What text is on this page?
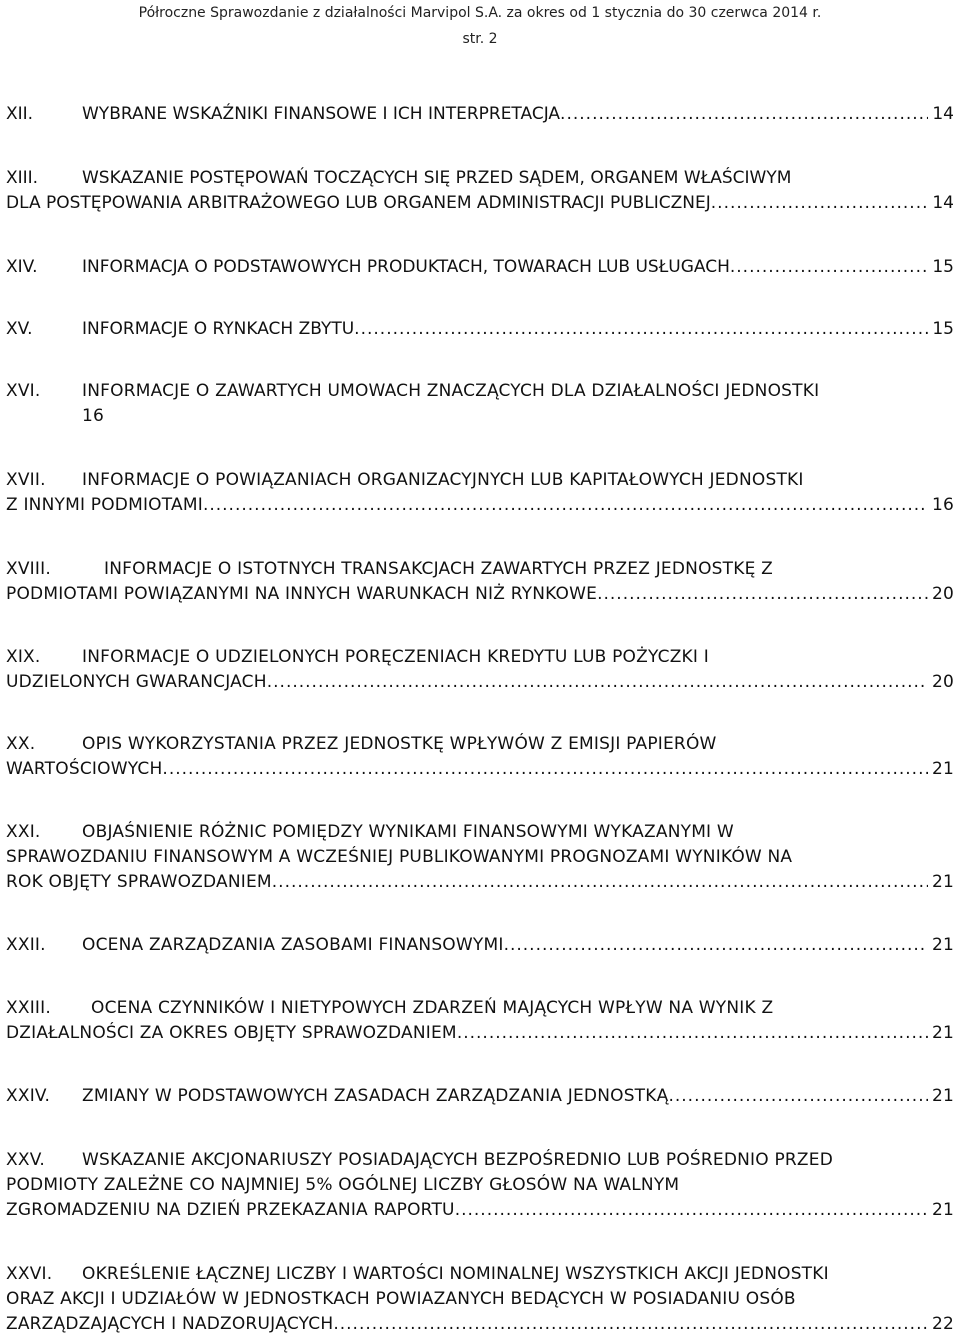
Półroczne Sprawozdanie z działalności Marvipol S.A. za okres od 1 stycznia do 30 czerwca 2014 r.
str. 2
XII.	WYBRANE WSKAŹNIKI FINANSOWE I ICH INTERPRETACJA .....	14
XIII.	WSKAZANIE POSTĘPOWAŃ TOCZĄCYCH SIĘ PRZED SĄDEM, ORGANEM WŁAŚCIWYM
DLA POSTĘPOWANIA ARBITRAŻOWEGO LUB ORGANEM ADMINISTRACJI PUBLICZNEJ .....	14
XIV.	INFORMACJA O PODSTAWOWYCH PRODUKTACH, TOWARACH LUB USŁUGACH .....	15
XV.	INFORMACJE O RYNKACH ZBYTU .....	15
XVI. INFORMACJE O ZAWARTYCH UMOWACH ZNACZĄCYCH DLA DZIAŁALNOŚCI JEDNOSTKI
16
XVII. INFORMACJE O POWIĄZANIACH ORGANIZACYJNYCH LUB KAPITAŁOWYCH JEDNOSTKI
Z INNYMI PODMIOTAMI .....	16
XVIII.	INFORMACJE O ISTOTNYCH TRANSAKCJACH ZAWARTYCH PRZEZ JEDNOSTKĘ Z
PODMIOTAMI POWIĄZANYMI NA INNYCH WARUNKACH NIŻ RYNKOWE .....	20
XIX. INFORMACJE O UDZIELONYCH PORĘCZENIACH KREDYTU LUB POŻYCZKI I
UDZIELONYCH GWARANCJACH .....	20
XX.	OPIS WYKORZYSTANIA PRZEZ JEDNOSTKĘ WPŁYWÓW Z EMISJI PAPIERÓW
WARTOŚCIOWYCH .....	21
XXI. OBJAŚNIENIE RÓŻNIC POMIĘDZY WYNIKAMI FINANSOWYMI WYKAZANYMI W
SPRAWOZDANIU FINANSOWYM A WCZEŚNIEJ PUBLIKOWANYMI PROGNOZAMI WYNIKÓW NA
ROK OBJĘTY SPRAWOZDANIEM .....	21
XXII.	OCENA ZARZĄDZANIA ZASOBAMI FINANSOWYMI .....	21
XXIII. OCENA CZYNNIKÓW I NIETYPOWYCH ZDARZEŃ MAJĄCYCH WPŁYW NA WYNIK Z
DZIAŁALNOŚCI ZA OKRES OBJĘTY SPRAWOZDANIEM .....	21
XXIV.	ZMIANY W PODSTAWOWYCH ZASADACH ZARZĄDZANIA JEDNOSTKĄ .....	21
XXV. WSKAZANIE AKCJONARIUSZY POSIADAJĄCYCH BEZPOŚREDNIO LUB POŚREDNIO PRZED
PODMIOTY ZALEŻNE CO NAJMNIEJ 5% OGÓLNEJ LICZBY GŁOSÓW NA WALNYM
ZGROMADZENIU NA DZIEŃ PRZEKAZANIA RAPORTU .....	21
XXVI. OKREŚLENIE ŁĄCZNEJ LICZBY I WARTOŚCI NOMINALNEJ WSZYSTKICH AKCJI JEDNOSTKI
ORAZ AKCJI I UDZIAŁÓW W JEDNOSTKACH POWIAZANYCH BEDĄCYCH W POSIADANIU OSÓB
ZARZĄDZAJĄCYCH I NADZORUJĄCYCH .....	22
